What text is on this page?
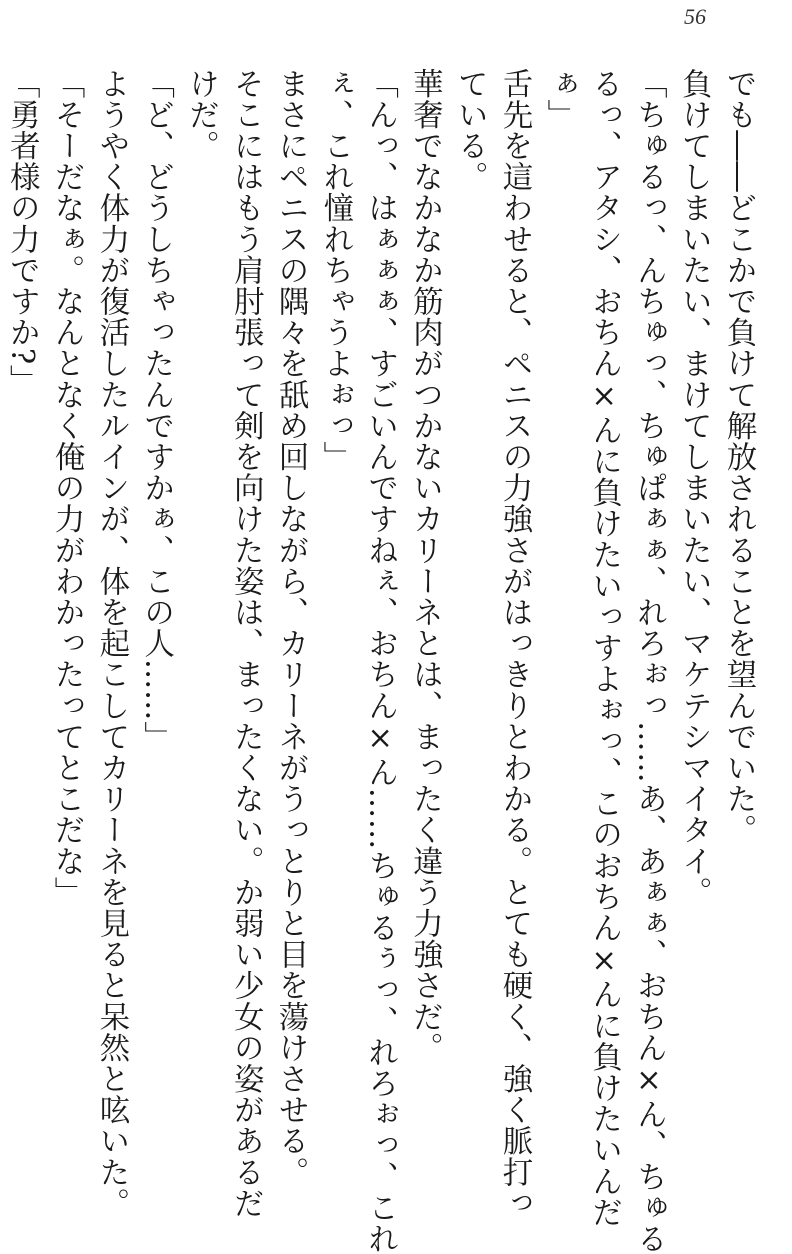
56
でも――どこかで負けて解放されることを望んでいた。
負けてしまいたい、まけてしまいたい、マケテシマイタイ。
「ちゅるっ、んちゅっ、ちゅぱぁぁ、れろぉっ……あ、あぁぁ、おちん×ん、ちゅる
るっ、アタシ、おちん×んに負けたいっすよぉっ、このおちん×んに負けたいんだ
ぁ」
舌先を這わせると、ペニスの力強さがはっきりとわかる。とても硬く、強く脈打っ
ている。
華奢でなかなか筋肉がつかないカリーネとは、まったく違う力強さだ。
「んっ、はぁぁぁ、すごいんですねぇ、おちん×ん……ちゅるぅっ、れろぉっ、これ
ぇ、これ憧れちゃうよぉっ」
まさにペニスの隅々を舐め回しながら、カリーネがうっとりと目を蕩けさせる。
そこにはもう肩肘張って剣を向けた姿は、まったくない。か弱い少女の姿があるだ
けだ。
「ど、どうしちゃったんですかぁ、この人……」
ようやく体力が復活したルインが、体を起こしてカリーネを見ると呆然と呟いた。
「そーだなぁ。なんとなく俺の力がわかったってとこだな」
「勇者様の力ですか?」
